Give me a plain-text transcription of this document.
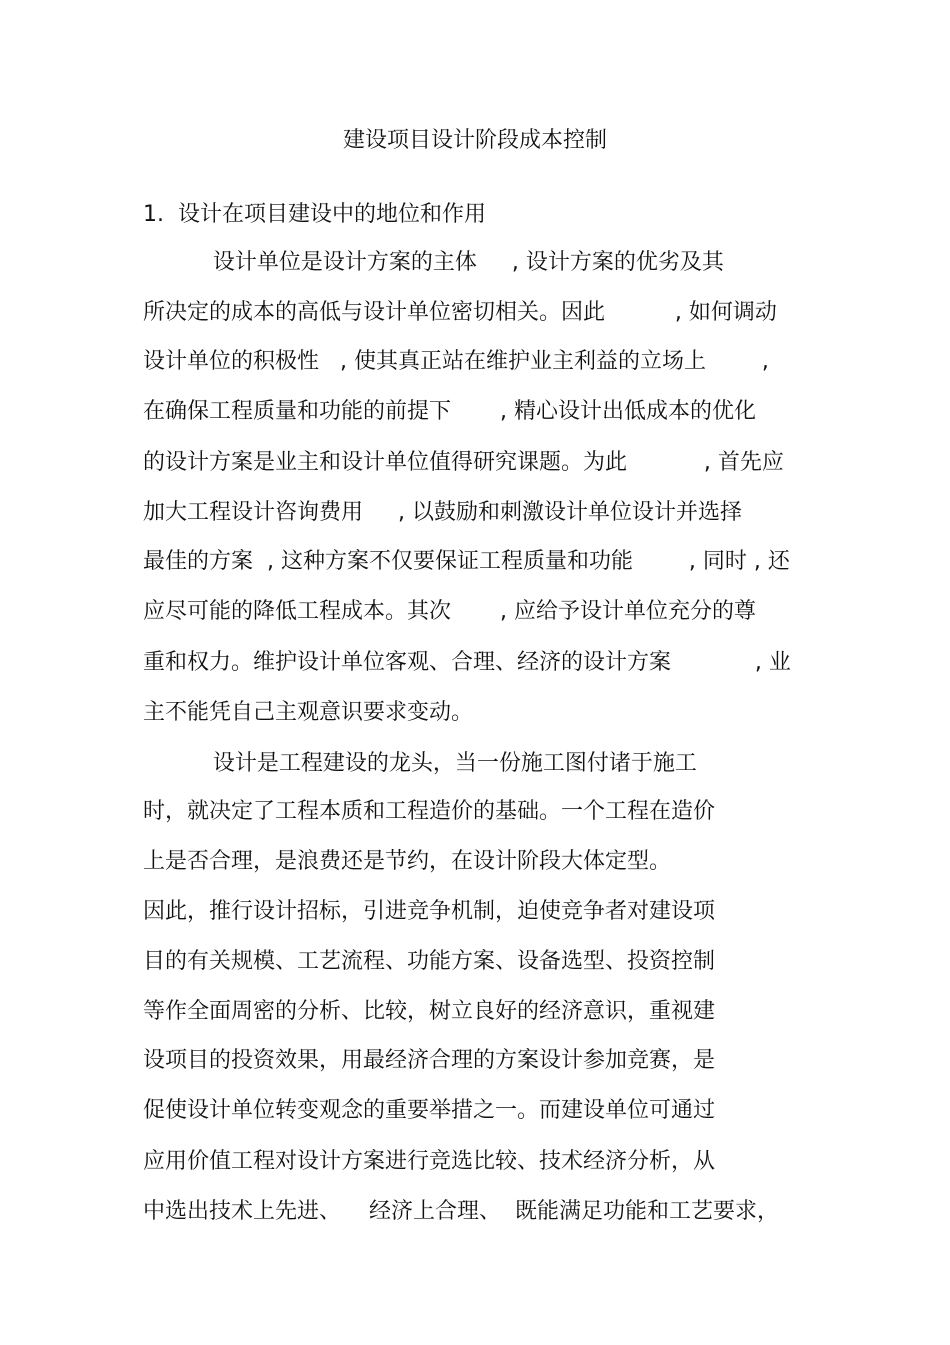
建设项目设计阶段成本控制
1. 设计在项目建设中的地位和作用
设计单位是设计方案的主体     , 设计方案的优劣及其
所决定的成本的高低与设计单位密切相关。因此          , 如何调动
设计单位的积极性   , 使其真正站在维护业主利益的立场上        ,
在确保工程质量和功能的前提下       , 精心设计出低成本的优化
的设计方案是业主和设计单位值得研究课题。为此           , 首先应
加大工程设计咨询费用     , 以鼓励和刺激设计单位设计并选择
最佳的方案  , 这种方案不仅要保证工程质量和功能        , 同时 , 还
应尽可能的降低工程成本。其次       , 应给予设计单位充分的尊
重和权力。维护设计单位客观、合理、经济的设计方案            , 业
主不能凭自己主观意识要求变动。
设计是工程建设的龙头，当一份施工图付诸于施工
时，就决定了工程本质和工程造价的基础。一个工程在造价
上是否合理，是浪费还是节约，在设计阶段大体定型。
因此，推行设计招标，引进竞争机制，迫使竞争者对建设项
目的有关规模、工艺流程、功能方案、设备选型、投资控制
等作全面周密的分析、比较，树立良好的经济意识，重视建
设项目的投资效果，用最经济合理的方案设计参加竞赛，是
促使设计单位转变观念的重要举措之一。而建设单位可通过
应用价值工程对设计方案进行竞选比较、技术经济分析，从
中选出技术上先进、    经济上合理、  既能满足功能和工艺要求，
